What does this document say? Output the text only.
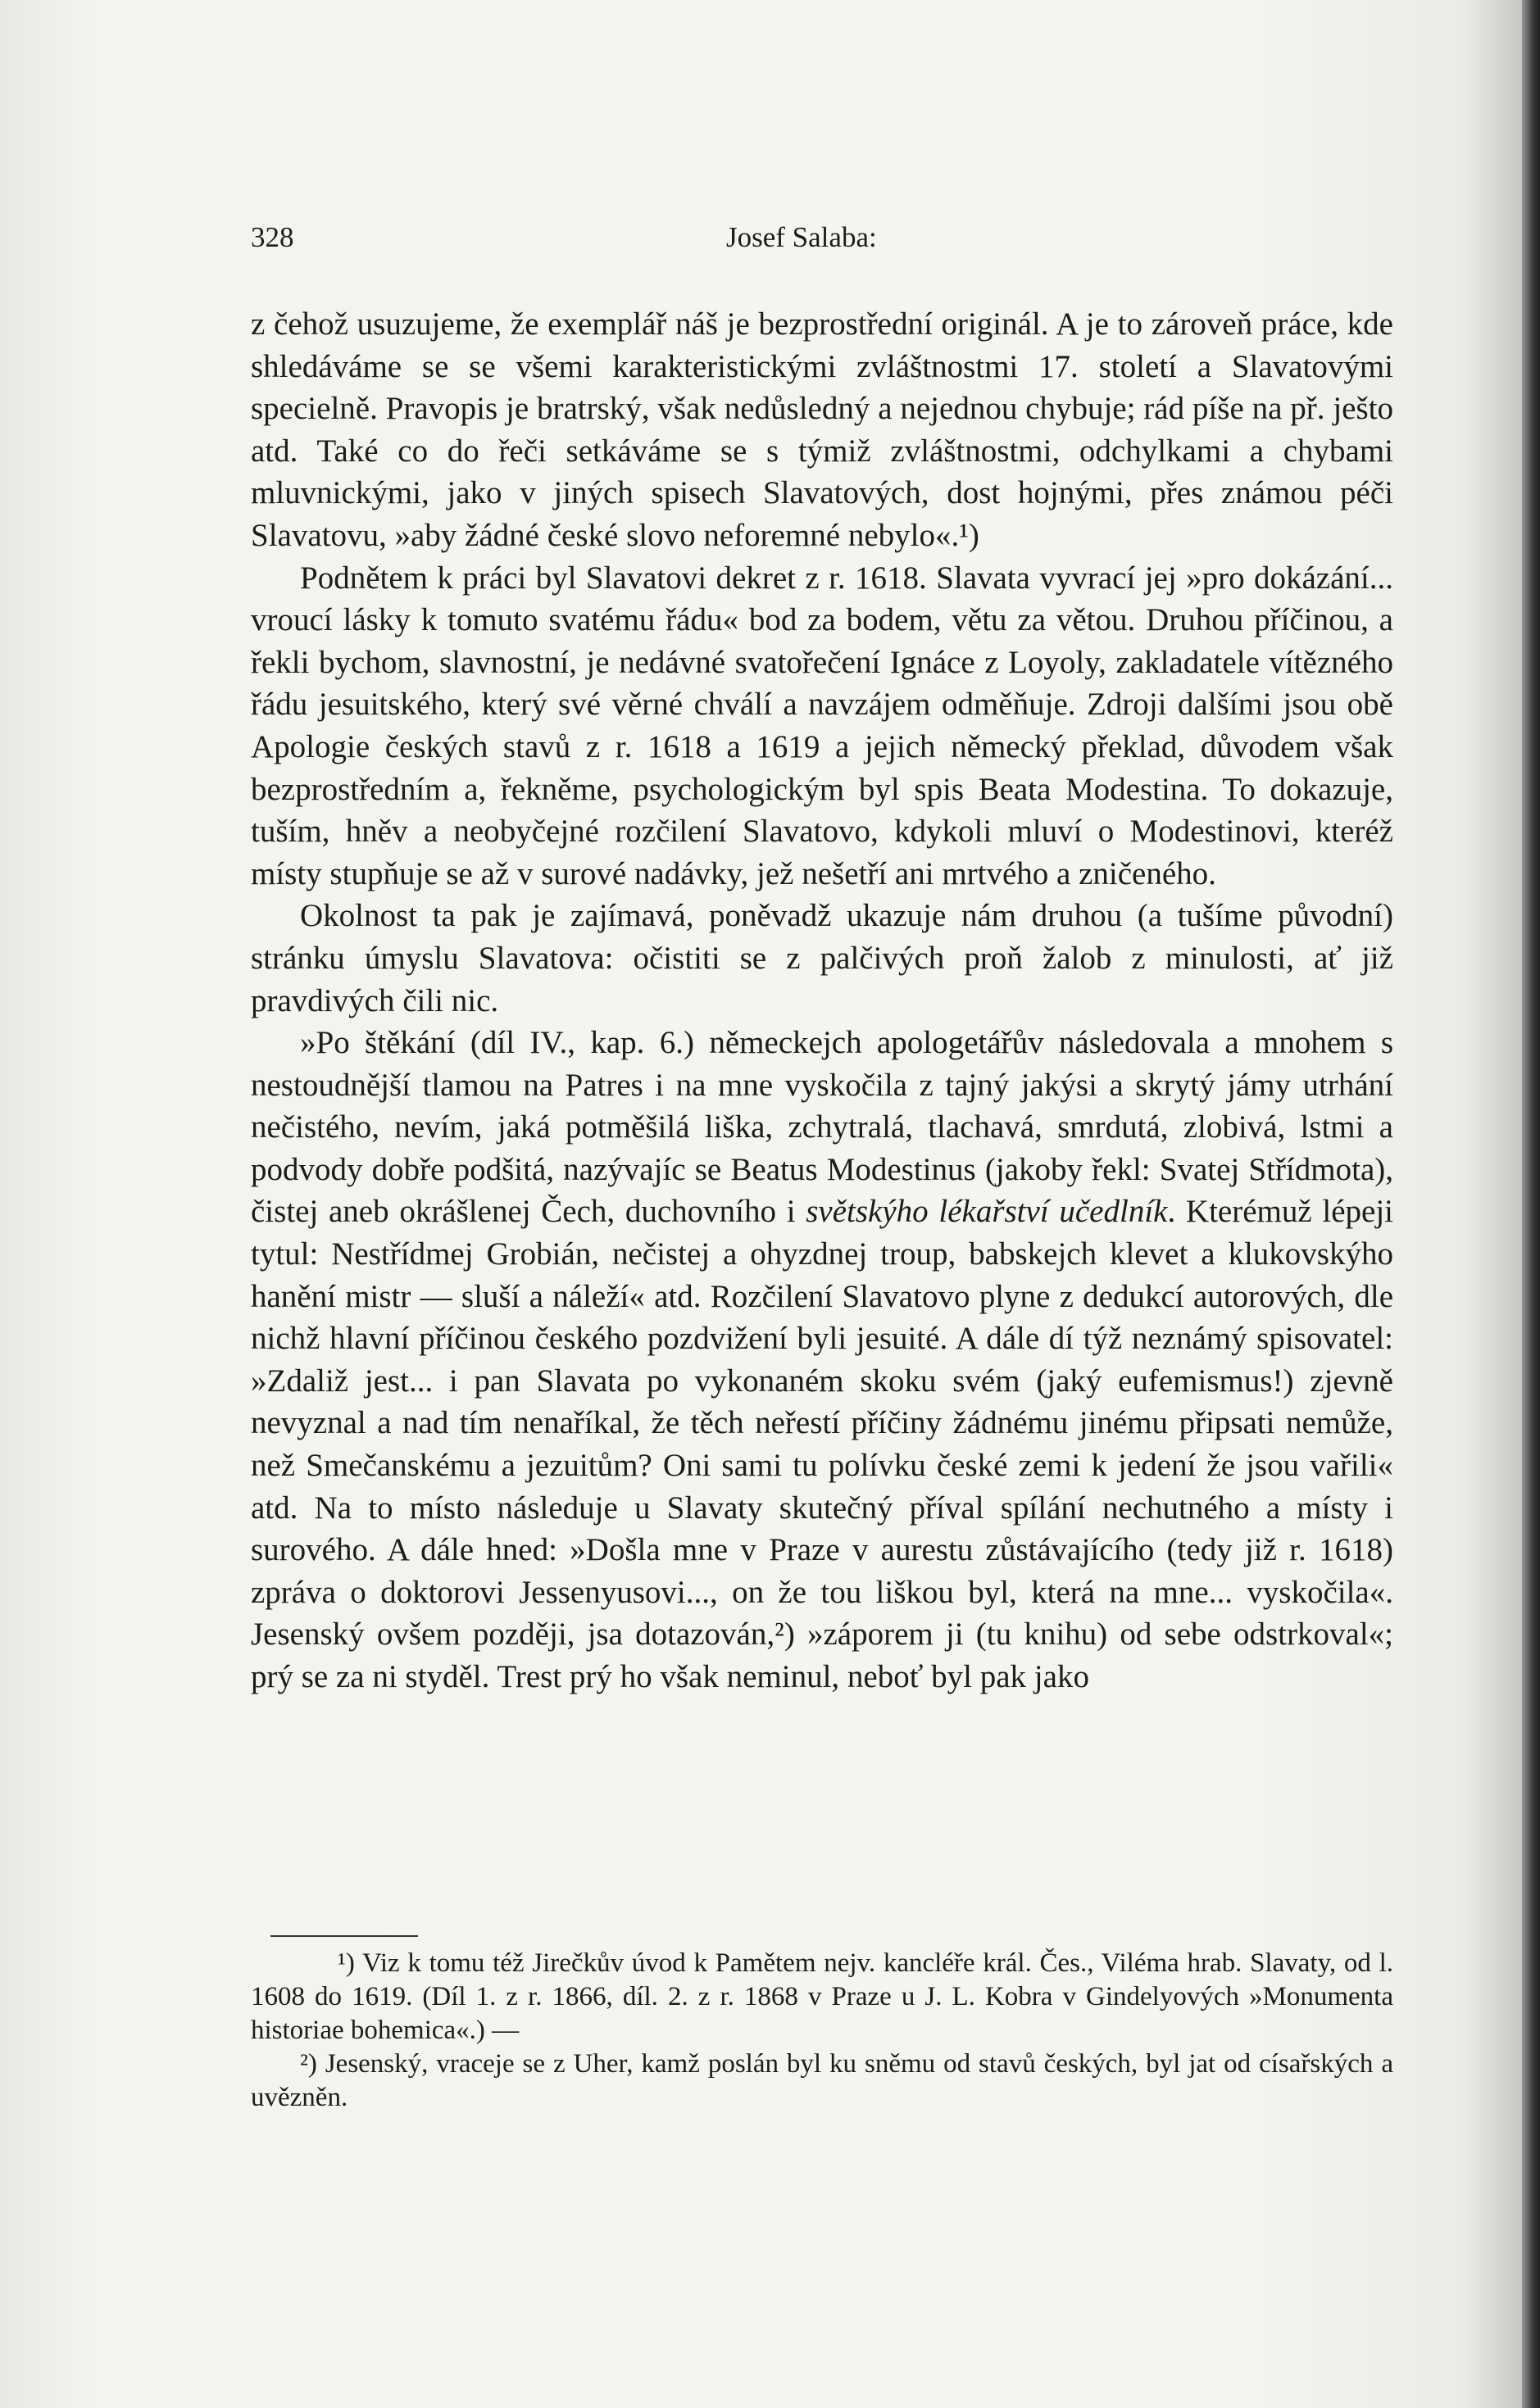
328	Josef Salaba:

z čehož usuzujeme, že exemplář náš je bezprostřední originál. A je to zároveň práce, kde shledáváme se se všemi karakteristickými zvláštnostmi 17. století a Slavatovými specielně. Pravopis je bratrský, však nedůsledný a nejednou chybuje; rád píše na př. ješto atd. Také co do řeči setkáváme se s týmiž zvláštnostmi, odchylkami a chybami mluvnickými, jako v jiných spisech Slavatových, dost hojnými, přes známou péči Slavatovu, »aby žádné české slovo neforemné nebylo«.¹)

Podnětem k práci byl Slavatovi dekret z r. 1618. Slavata vyvrací jej »pro dokázání... vroucí lásky k tomuto svatému řádu« bod za bodem, větu za větou. Druhou příčinou, a řekli bychom, slavnostní, je nedávné svatořečení Ignáce z Loyoly, zakladatele vítězného řádu jesuitského, který své věrné chválí a navzájem odměňuje. Zdroji dalšími jsou obě Apologie českých stavů z r. 1618 a 1619 a jejich německý překlad, důvodem však bezprostředním a, řekněme, psychologickým byl spis Beata Modestina. To dokazuje, tuším, hněv a neobyčejné rozčilení Slavatovo, kdykoli mluví o Modestinovi, kteréž místy stupňuje se až v surové nadávky, jež nešetří ani mrtvého a zničeného.

Okolnost ta pak je zajímavá, poněvadž ukazuje nám druhou (a tušíme původní) stránku úmyslu Slavatova: očistiti se z palčivých proň žalob z minulosti, ať již pravdivých čili nic.

»Po štěkání (díl IV., kap. 6.) německejch apologetářův následovala a mnohem s nestoudnější tlamou na Patres i na mne vyskočila z tajný jakýsi a skrytý jámy utrhání nečistého, nevím, jaká potměšilá liška, zchytralá, tlachavá, smrdutá, zlobivá, lstmi a podvody dobře podšitá, nazývajíc se Beatus Modestinus (jakoby řekl: Svatej Střídmota), čistej aneb okrášlenej Čech, duchovního i světskýho lékařství učedlník. Kterémuž lépeji tytul: Nestřídmej Grobián, nečistej a ohyzdnej troup, babskejch klevet a klukovskýho hanění mistr — sluší a náleží« atd. Rozčilení Slavatovo plyne z dedukcí autorových, dle nichž hlavní příčinou českého pozdvižení byli jesuité. A dále dí týž neznámý spisovatel: »Zdaliž jest... i pan Slavata po vykonaném skoku svém (jaký eufemismus!) zjevně nevyznal a nad tím nenaříkal, že těch neřestí příčiny žádnému jinému připsati nemůže, než Smečanskému a jezuitům? Oni sami tu polívku české zemi k jedení že jsou vařili« atd. Na to místo následuje u Slavaty skutečný příval spílání nechutného a místy i surového. A dále hned: »Došla mne v Praze v aurestu zůstávajícího (tedy již r. 1618) zpráva o doktorovi Jessenyusovi..., on že tou liškou byl, která na mne... vyskočila«. Jesenský ovšem později, jsa dotazován,²) »záporem ji (tu knihu) od sebe odstrkoval«; prý se za ni styděl. Trest prý ho však neminul, neboť byl pak jako

¹) Viz k tomu též Jirečkův úvod k Pamětem nejv. kancléře král. Čes., Viléma hrab. Slavaty, od l. 1608 do 1619. (Díl 1. z r. 1866, díl. 2. z r. 1868 v Praze u J. L. Kobra v Gindelyových »Monumenta historiae bohemica«.) —

²) Jesenský, vraceje se z Uher, kamž poslán byl ku sněmu od stavů českých, byl jat od císařských a uvězněn.
